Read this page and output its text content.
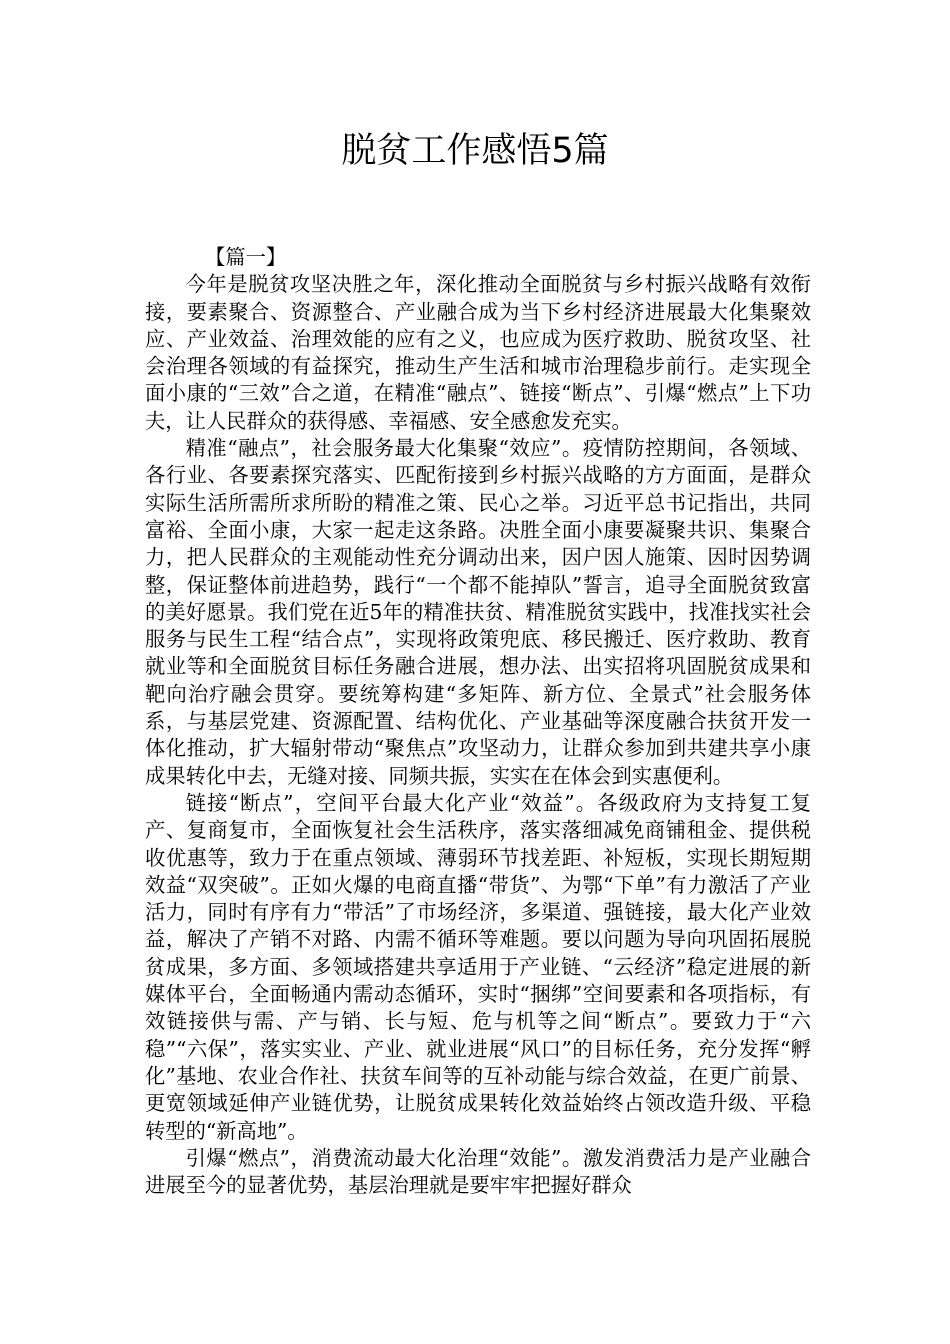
脱贫工作感悟5篇

【篇一】

今年是脱贫攻坚决胜之年，深化推动全面脱贫与乡村振兴战略有效衔接，要素聚合、资源整合、产业融合成为当下乡村经济进展最大化集聚效应、产业效益、治理效能的应有之义，也应成为医疗救助、脱贫攻坚、社会治理各领域的有益探究，推动生产生活和城市治理稳步前行。走实现全面小康的“三效”合之道，在精准“融点”、链接“断点”、引爆“燃点”上下功夫，让人民群众的获得感、幸福感、安全感愈发充实。

精准“融点”，社会服务最大化集聚“效应”。疫情防控期间，各领域、各行业、各要素探究落实、匹配衔接到乡村振兴战略的方方面面，是群众实际生活所需所求所盼的精准之策、民心之举。习近平总书记指出，共同富裕、全面小康，大家一起走这条路。决胜全面小康要凝聚共识、集聚合力，把人民群众的主观能动性充分调动出来，因户因人施策、因时因势调整，保证整体前进趋势，践行“一个都不能掉队”誓言，追寻全面脱贫致富的美好愿景。我们党在近5年的精准扶贫、精准脱贫实践中，找准找实社会服务与民生工程“结合点”，实现将政策兜底、移民搬迁、医疗救助、教育就业等和全面脱贫目标任务融合进展，想办法、出实招将巩固脱贫成果和靶向治疗融会贯穿。要统筹构建“多矩阵、新方位、全景式”社会服务体系，与基层党建、资源配置、结构优化、产业基础等深度融合扶贫开发一体化推动，扩大辐射带动“聚焦点”攻坚动力，让群众参加到共建共享小康成果转化中去，无缝对接、同频共振，实实在在体会到实惠便利。

链接“断点”，空间平台最大化产业“效益”。各级政府为支持复工复产、复商复市，全面恢复社会生活秩序，落实落细减免商铺租金、提供税收优惠等，致力于在重点领域、薄弱环节找差距、补短板，实现长期短期效益“双突破”。正如火爆的电商直播“带货”、为鄂“下单”有力激活了产业活力，同时有序有力“带活”了市场经济，多渠道、强链接，最大化产业效益，解决了产销不对路、内需不循环等难题。要以问题为导向巩固拓展脱贫成果，多方面、多领域搭建共享适用于产业链、“云经济”稳定进展的新媒体平台，全面畅通内需动态循环，实时“捆绑”空间要素和各项指标，有效链接供与需、产与销、长与短、危与机等之间“断点”。要致力于“六稳”“六保”，落实实业、产业、就业进展“风口”的目标任务，充分发挥“孵化”基地、农业合作社、扶贫车间等的互补动能与综合效益，在更广前景、更宽领域延伸产业链优势，让脱贫成果转化效益始终占领改造升级、平稳转型的“新高地”。

引爆“燃点”，消费流动最大化治理“效能”。激发消费活力是产业融合进展至今的显著优势，基层治理就是要牢牢把握好群众
